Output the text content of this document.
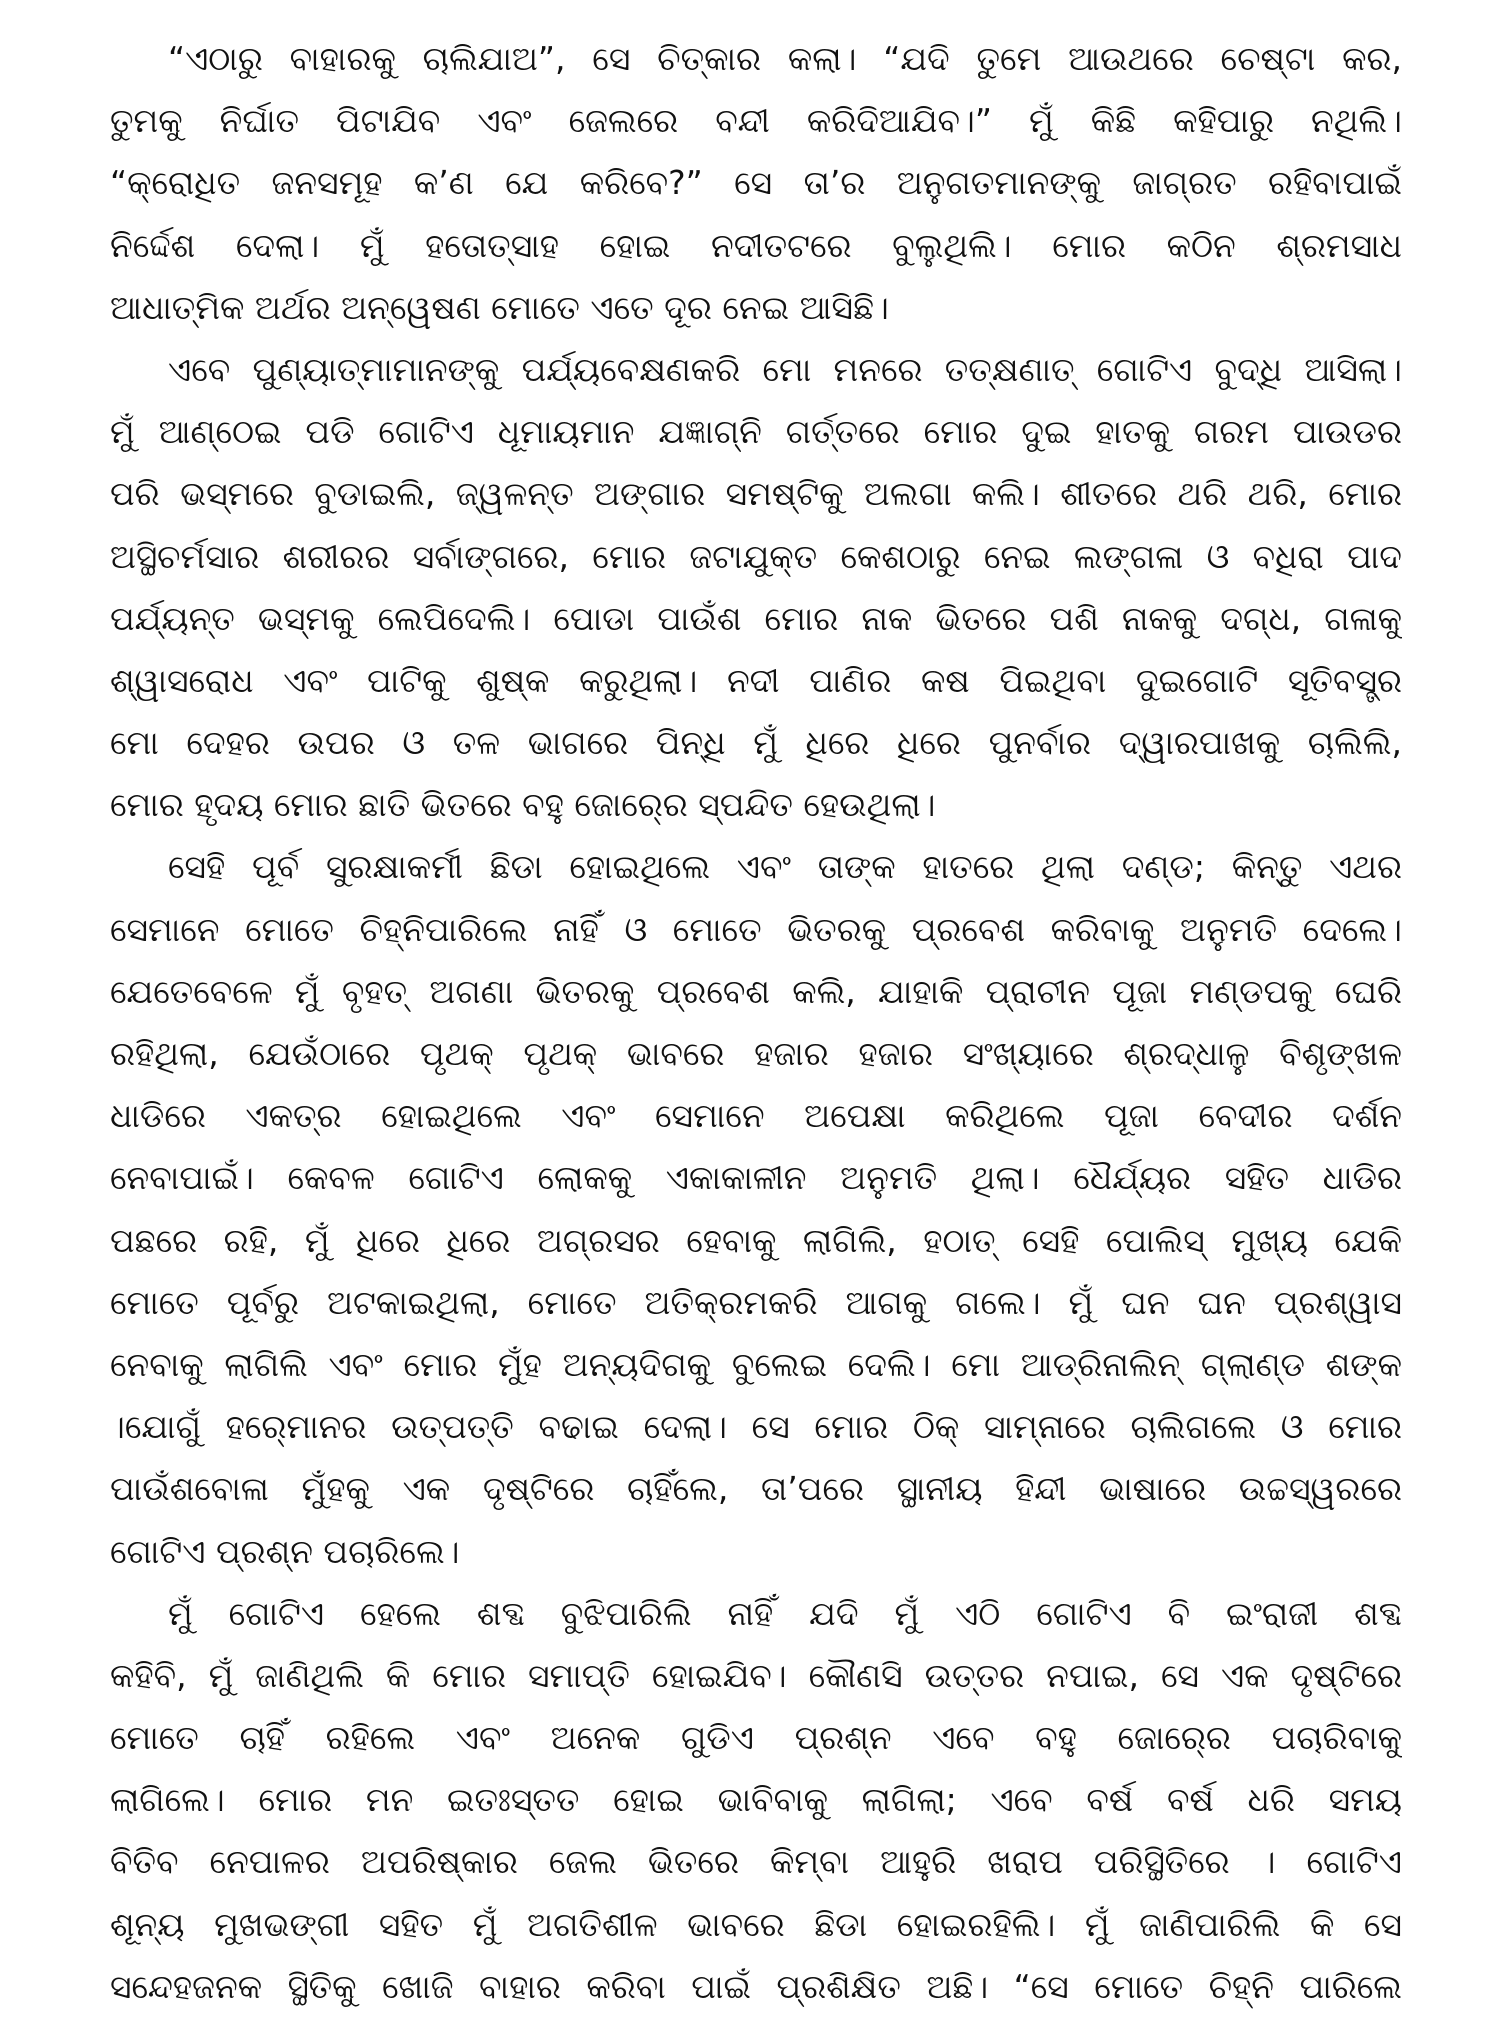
“ଏଠାରୁ ବାହାରକୁ ଚାଲିଯାଅ”, ସେ ଚିତ୍କାର କଲା। “ଯଦି ତୁମେ ଆଉଥରେ ଚେଷ୍ଟା କର,
ତୁମକୁ ନିର୍ଘାତ ପିଟାଯିବ ଏବଂ ଜେଲରେ ବନ୍ଦୀ କରିଦିଆଯିବ।” ମୁଁ କିଛି କହିପାରୁ ନଥିଲି।
“କ୍ରୋଧିତ ଜନସମୂହ କ’ଣ ଯେ କରିବେ?” ସେ ତା’ର ଅନୁଗତମାନଙ୍କୁ ଜାଗ୍ରତ ରହିବାପାଇଁ
ନିର୍ଦ୍ଦେଶ ଦେଲା। ମୁଁ ହତୋତ୍ସାହ ହୋଇ ନଦୀତଟରେ ବୁଲୁଥିଲି। ମୋର କଠିନ ଶ୍ରମସାଧ
ଆଧାତ୍ମିକ ଅର୍ଥର ଅନ୍ୱେଷଣ ମୋତେ ଏତେ ଦୂର ନେଇ ଆସିଛି।
ଏବେ ପୁଣ୍ୟାତ୍ମାମାନଙ୍କୁ ପର୍ଯ୍ୟବେକ୍ଷଣକରି ମୋ ମନରେ ତତ୍‍କ୍ଷଣାତ୍‍ ଗୋଟିଏ ବୁଦ୍ଧି ଆସିଲା।
ମୁଁ ଆଣ୍ଠେଇ ପଡି ଗୋଟିଏ ଧୂମାୟମାନ ଯଜ୍ଞାଗ୍ନି ଗର୍ତ୍ତରେ ମୋର ଦୁଇ ହାତକୁ ଗରମ ପାଉଡର
ପରି ଭସ୍ମରେ ବୁଡାଇଲି, ଜ୍ୱଳନ୍ତ ଅଙ୍ଗାର ସମଷ୍ଟିକୁ ଅଲଗା କଲି। ଶୀତରେ ଥରି ଥରି, ମୋର
ଅସ୍ଥିଚର୍ମସାର ଶରୀରର ସର୍ବାଙ୍ଗରେ, ମୋର ଜଟାଯୁକ୍ତ କେଶଠାରୁ ନେଇ ଲଙ୍ଗଳା ଓ ବଧିରା ପାଦ
ପର୍ଯ୍ୟନ୍ତ ଭସ୍ମକୁ ଲେପିଦେଲି। ପୋଡା ପାଉଁଶ ମୋର ନାକ ଭିତରେ ପଶି ନାକକୁ ଦଗ୍ଧ, ଗଳାକୁ
ଶ୍ୱାସରୋଧ ଏବଂ ପାଟିକୁ ଶୁଷ୍କ କରୁଥିଲା। ନଦୀ ପାଣିର କଷ ପିଇଥିବା ଦୁଇଗୋଟି ସୂତିବସ୍ତ୍ର
ମୋ ଦେହର ଉପର ଓ ତଳ ଭାଗରେ ପିନ୍ଧି ମୁଁ ଧିରେ ଧିରେ ପୁନର୍ବାର ଦ୍ୱାରପାଖକୁ ଚାଲିଲି,
ମୋର ହୃଦୟ ମୋର ଛାତି ଭିତରେ ବହୁ ଜୋର୍‍ରେ ସ୍ପନ୍ଦିତ ହେଉଥିଲା।
ସେହି ପୂର୍ବ ସୁରକ୍ଷାକର୍ମୀ ଛିଡା ହୋଇଥିଲେ ଏବଂ ତାଙ୍କ ହାତରେ ଥିଲା ଦଣ୍ଡ; କିନ୍ତୁ ଏଥର
ସେମାନେ ମୋତେ ଚିହ୍ନିପାରିଲେ ନାହିଁ ଓ ମୋତେ ଭିତରକୁ ପ୍ରବେଶ କରିବାକୁ ଅନୁମତି ଦେଲେ।
ଯେତେବେଳେ ମୁଁ ବୃହତ୍‍ ଅଗଣା ଭିତରକୁ ପ୍ରବେଶ କଲି, ଯାହାକି ପ୍ରାଚୀନ ପୂଜା ମଣ୍ଡପକୁ ଘେରି
ରହିଥିଲା, ଯେଉଁଠାରେ ପୃଥକ୍‍ ପୃଥକ୍‍ ଭାବରେ ହଜାର ହଜାର ସଂଖ୍ୟାରେ ଶ୍ରଦ୍ଧାଳୁ ବିଶୃଙ୍ଖଳ
ଧାଡିରେ ଏକତ୍ର ହୋଇଥିଲେ ଏବଂ ସେମାନେ ଅପେକ୍ଷା କରିଥିଲେ ପୂଜା ବେଦୀର ଦର୍ଶନ
ନେବାପାଇଁ। କେବଳ ଗୋଟିଏ ଲୋକକୁ ଏକାକାଳୀନ ଅନୁମତି ଥିଲା। ଧୈର୍ଯ୍ୟର ସହିତ ଧାଡିର
ପଛରେ ରହି, ମୁଁ ଧିରେ ଧିରେ ଅଗ୍ରସର ହେବାକୁ ଲାଗିଲି, ହଠାତ୍‍ ସେହି ପୋଲିସ୍‍ ମୁଖ୍ୟ ଯେକି
ମୋତେ ପୂର୍ବରୁ ଅଟକାଇଥିଲା, ମୋତେ ଅତିକ୍ରମକରି ଆଗକୁ ଗଲେ। ମୁଁ ଘନ ଘନ ପ୍ରଶ୍ୱାସ
ନେବାକୁ ଲାଗିଲି ଏବଂ ମୋର ମୁଁହ ଅନ୍ୟଦିଗକୁ ବୁଲେଇ ଦେଲି। ମୋ ଆଡ୍ରିନାଲିନ୍‍ ଗ୍ଲାଣ୍ଡ ଶଙ୍କ
।ଯୋଗୁଁ ହର୍‍ମୋନର ଉତ୍ପତ୍ତି ବଢାଇ ଦେଲା। ସେ ମୋର ଠିକ୍‍ ସାମ୍ନାରେ ଚାଲିଗଲେ ଓ ମୋର
ପାଉଁଶବୋଳା ମୁଁହକୁ ଏକ ଦୃଷ୍ଟିରେ ଚାହିଁଲେ, ତା’ପରେ ସ୍ଥାନୀୟ ହିନ୍ଦୀ ଭାଷାରେ ଉଚ୍ଚସ୍ୱରରେ
ଗୋଟିଏ ପ୍ରଶ୍ନ ପଚାରିଲେ।
ମୁଁ ଗୋଟିଏ ହେଲେ ଶବ୍ଦ ବୁଝିପାରିଲି ନାହିଁ ଯଦି ମୁଁ ଏଠି ଗୋଟିଏ ବି ଇଂରାଜୀ ଶବ୍ଦ
କହିବି, ମୁଁ ଜାଣିଥିଲି କି ମୋର ସମାପ୍ତି ହୋଇଯିବ। କୌଣସି ଉତ୍ତର ନପାଇ, ସେ ଏକ ଦୃଷ୍ଟିରେ
ମୋତେ ଚାହିଁ ରହିଲେ ଏବଂ ଅନେକ ଗୁଡିଏ ପ୍ରଶ୍ନ ଏବେ ବହୁ ଜୋର୍‍ରେ ପଚାରିବାକୁ
ଲାଗିଲେ। ମୋର ମନ ଇତଃସ୍ତତ ହୋଇ ଭାବିବାକୁ ଲାଗିଲା; ଏବେ ବର୍ଷ ବର୍ଷ ଧରି ସମୟ
ବିତିବ ନେପାଳର ଅପରିଷ୍କାର ଜେଲ ଭିତରେ କିମ୍ବା ଆହୁରି ଖରାପ ପରିସ୍ଥିତିରେ । ଗୋଟିଏ
ଶୂନ୍ୟ ମୁଖଭଙ୍ଗୀ ସହିତ ମୁଁ ଅଗତିଶୀଳ ଭାବରେ ଛିଡା ହୋଇରହିଲି। ମୁଁ ଜାଣିପାରିଲି କି ସେ
ସନ୍ଦେହଜନକ ସ୍ଥିତିକୁ ଖୋଜି ବାହାର କରିବା ପାଇଁ ପ୍ରଶିକ୍ଷିତ ଅଛି। “ସେ ମୋତେ ଚିହ୍ନି ପାରିଲେ
